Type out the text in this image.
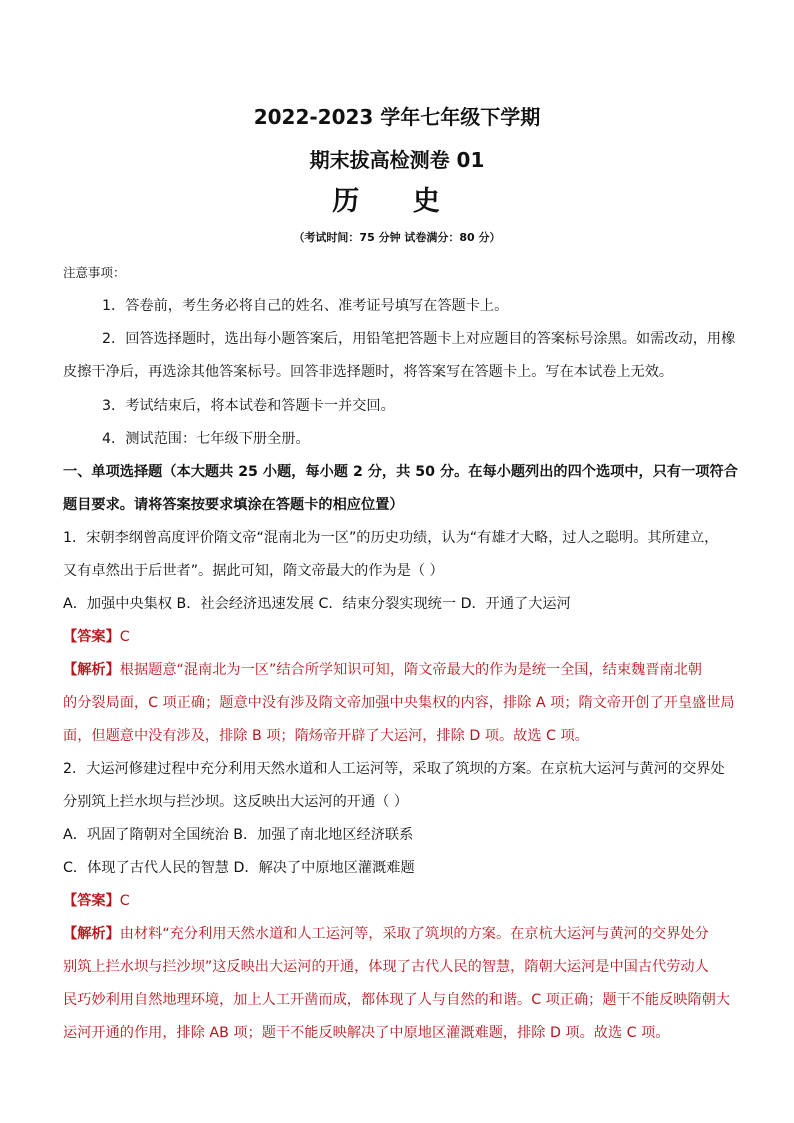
2022-2023 学年七年级下学期
期末拔高检测卷 01
历 史
（考试时间：75 分钟 试卷满分：80 分）
注意事项：
1．答卷前，考生务必将自己的姓名、准考证号填写在答题卡上。
2．回答选择题时，选出每小题答案后，用铅笔把答题卡上对应题目的答案标号涂黑。如需改动，用橡
皮擦干净后，再选涂其他答案标号。回答非选择题时，将答案写在答题卡上。写在本试卷上无效。
3．考试结束后，将本试卷和答题卡一并交回。
4．测试范围：七年级下册全册。
一、单项选择题（本大题共 25 小题，每小题 2 分，共 50 分。在每小题列出的四个选项中，只有一项符合
题目要求。请将答案按要求填涂在答题卡的相应位置）
1．宋朝李纲曾高度评价隋文帝“混南北为一区”的历史功绩，认为“有雄才大略，过人之聪明。其所建立，
又有卓然出于后世者”。据此可知，隋文帝最大的作为是（ ）
A．加强中央集权 B．社会经济迅速发展 C．结束分裂实现统一 D．开通了大运河
【答案】C
【解析】根据题意“混南北为一区”结合所学知识可知，隋文帝最大的作为是统一全国，结束魏晋南北朝
的分裂局面，C 项正确；题意中没有涉及隋文帝加强中央集权的内容，排除 A 项；隋文帝开创了开皇盛世局
面，但题意中没有涉及，排除 B 项；隋炀帝开辟了大运河，排除 D 项。故选 C 项。
2．大运河修建过程中充分利用天然水道和人工运河等，采取了筑坝的方案。在京杭大运河与黄河的交界处
分别筑上拦水坝与拦沙坝。这反映出大运河的开通（ ）
A．巩固了隋朝对全国统治 B．加强了南北地区经济联系
C．体现了古代人民的智慧 D．解决了中原地区灌溉难题
【答案】C
【解析】由材料“充分利用天然水道和人工运河等，采取了筑坝的方案。在京杭大运河与黄河的交界处分
别筑上拦水坝与拦沙坝”这反映出大运河的开通，体现了古代人民的智慧，隋朝大运河是中国古代劳动人
民巧妙利用自然地理环境，加上人工开凿而成，都体现了人与自然的和谐。C 项正确；题干不能反映隋朝大
运河开通的作用，排除 AB 项；题干不能反映解决了中原地区灌溉难题，排除 D 项。故选 C 项。
